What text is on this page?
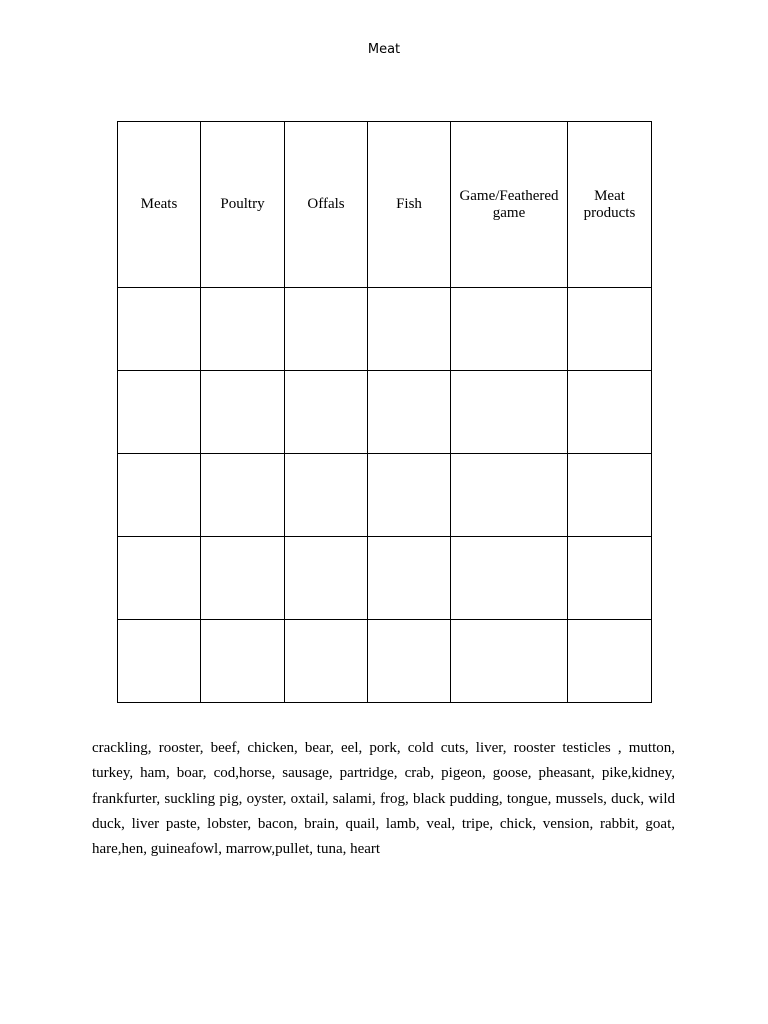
Meat
Meats	Poultry	Offals	Fish	Game/Feathered game	Meat products

crackling, rooster, beef, chicken, bear, eel, pork, cold cuts, liver, rooster testicles , mutton, turkey, ham, boar, cod,horse, sausage, partridge, crab, pigeon, goose, pheasant, pike,kidney, frankfurter, suckling pig, oyster, oxtail, salami, frog, black pudding, tongue, mussels, duck, wild duck, liver paste, lobster, bacon, brain, quail, lamb, veal, tripe, chick, vension, rabbit, goat, hare,hen, guineafowl, marrow,pullet, tuna, heart
